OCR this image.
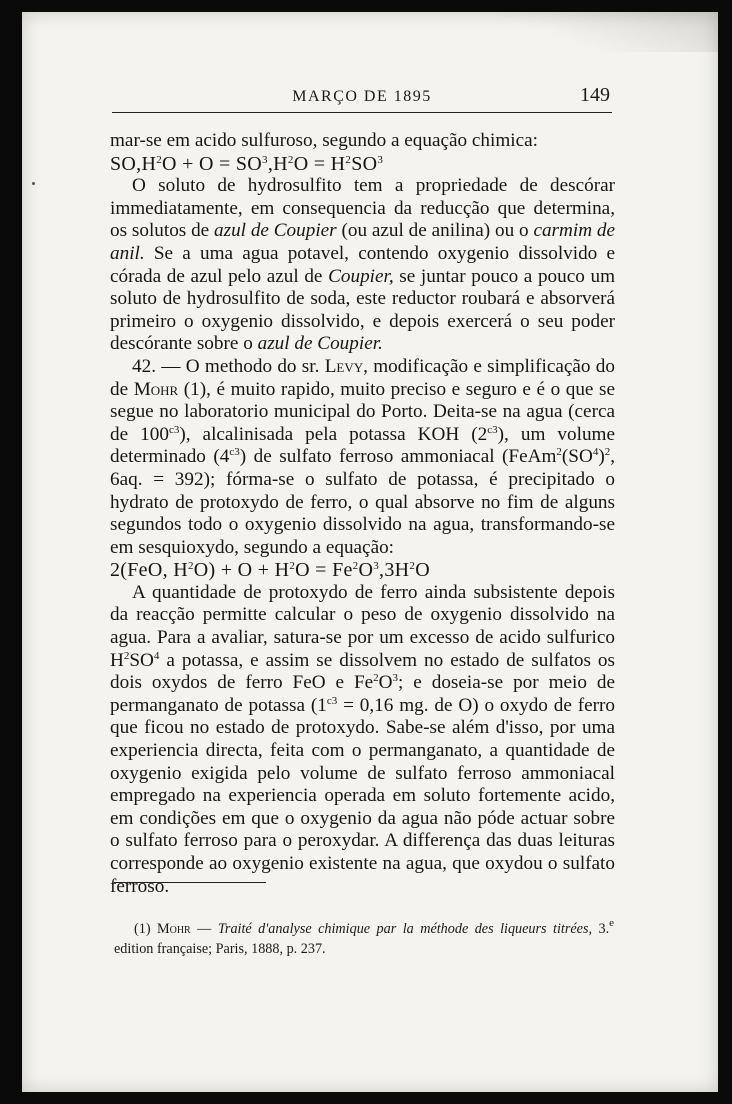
MARÇO DE 1895	149

mar-se em acido sulfuroso, segundo a equação chimica:

$SO,H^2O + O = SO^3,H^2O = H^2SO^3$

O soluto de hydrosulfito tem a propriedade de descórar immediatamente, em consequencia da reducção que determina, os solutos de azul de Coupier (ou azul de anilina) ou o carmim de anil. Se a uma agua potavel, contendo oxygenio dissolvido e córada de azul pelo azul de Coupier, se juntar pouco a pouco um soluto de hydrosulfito de soda, este reductor roubará e absorverá primeiro o oxygenio dissolvido, e depois exercerá o seu poder descórante sobre o azul de Coupier.

42. — O methodo do sr. Levy, modificação e simplificação do de Mohr (1), é muito rapido, muito preciso e seguro e é o que se segue no laboratorio municipal do Porto. Deita-se na agua (cerca de $100^{c3}$), alcalinisada pela potassa KOH $(2^{c3})$, um volume determinado $(4^{c3})$ de sulfato ferroso ammoniacal ($FeAm^2(SO^4)^2$, 6aq. = 392); fórma-se o sulfato de potassa, é precipitado o hydrato de protoxydo de ferro, o qual absorve no fim de alguns segundos todo o oxygenio dissolvido na agua, transformando-se em sesquioxydo, segundo a equação:

2(FeO, $H^2O) + O + H^2O = Fe^2O^3,3H^2O$

A quantidade de protoxydo de ferro ainda subsistente depois da reacção permitte calcular o peso de oxygenio dissolvido na agua. Para a avaliar, satura-se por um excesso de acido sulfurico $H^2SO^4$ a potassa, e assim se dissolvem no estado de sulfatos os dois oxydos de ferro FeO e $Fe^2O^3$; e doseia-se por meio de permanganato de potassa ($1^{c3} = 0,16$ mg. de O) o oxydo de ferro que ficou no estado de protoxydo. Sabe-se além d'isso, por uma experiencia directa, feita com o permanganato, a quantidade de oxygenio exigida pelo volume de sulfato ferroso ammoniacal empregado na experiencia operada em soluto fortemente acido, em condições em que o oxygenio da agua não póde actuar sobre o sulfato ferroso para o peroxydar. A differença das duas leituras corresponde ao oxygenio existente na agua, que oxydou o sulfato ferroso.

(1) Mohr — Traité d'analyse chimique par la méthode des liqueurs titrées, 3.$^e$ edition française; Paris, 1888, p. 237.
